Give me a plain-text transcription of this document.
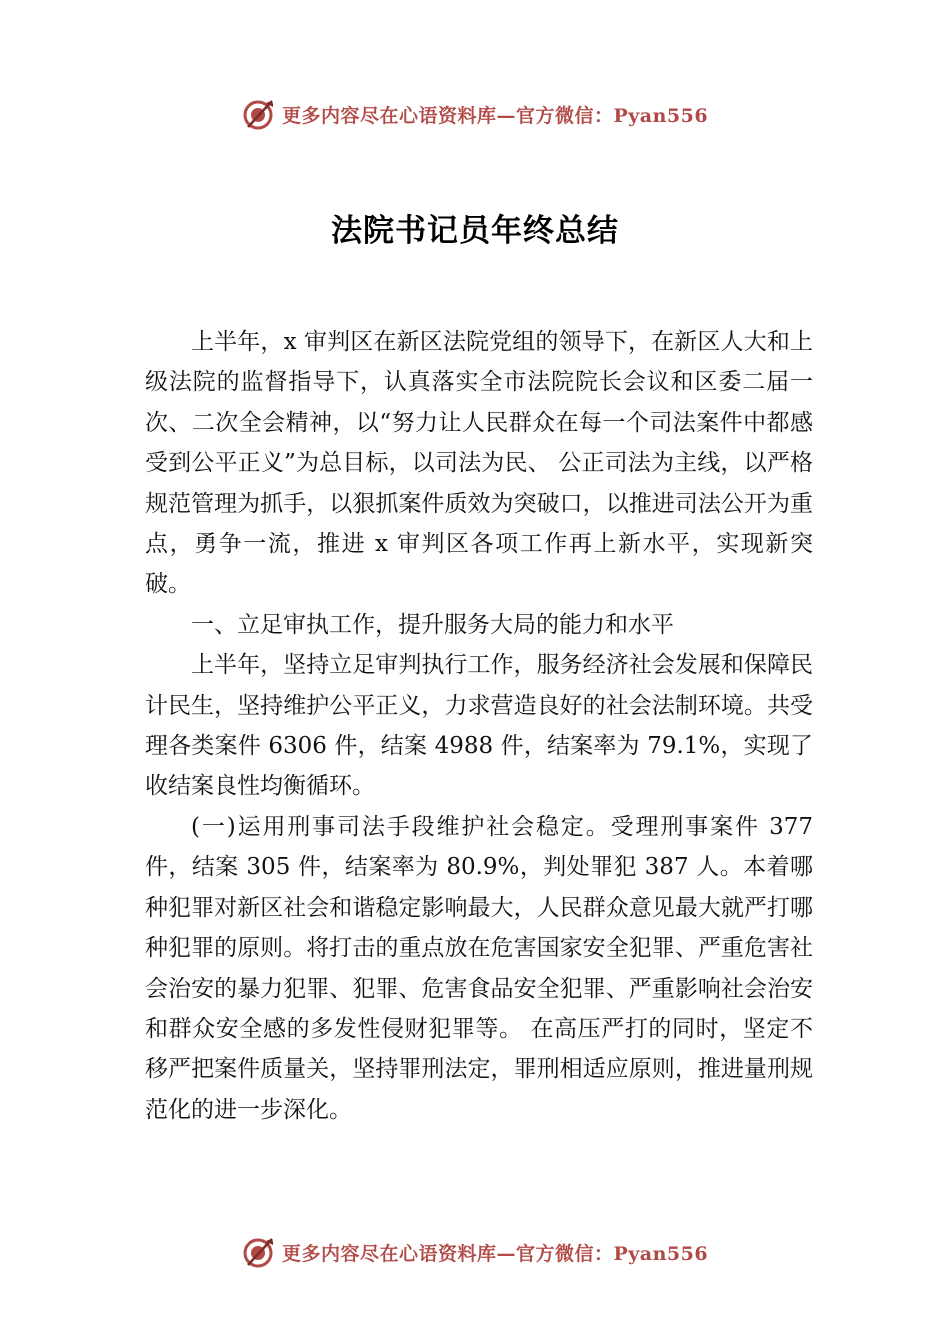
更多内容尽在心语资料库—官方微信：Pyan556
法院书记员年终总结

上半年，x 审判区在新区法院党组的领导下，在新区人大和上级法院的监督指导下，认真落实全市法院院长会议和区委二届一次、二次全会精神，以“努力让人民群众在每一个司法案件中都感受到公平正义”为总目标，以司法为民、 公正司法为主线，以严格规范管理为抓手，以狠抓案件质效为突破口，以推进司法公开为重点，勇争一流，推进 x 审判区各项工作再上新水平，实现新突破。

一、立足审执工作，提升服务大局的能力和水平

上半年，坚持立足审判执行工作，服务经济社会发展和保障民计民生，坚持维护公平正义，力求营造良好的社会法制环境。共受理各类案件 6306 件，结案 4988 件，结案率为 79.1%，实现了收结案良性均衡循环。

(一)运用刑事司法手段维护社会稳定。受理刑事案件 377 件，结案 305 件，结案率为 80.9%，判处罪犯 387 人。本着哪种犯罪对新区社会和谐稳定影响最大，人民群众意见最大就严打哪种犯罪的原则。将打击的重点放在危害国家安全犯罪、严重危害社会治安的暴力犯罪、犯罪、危害食品安全犯罪、严重影响社会治安和群众安全感的多发性侵财犯罪等。 在高压严打的同时，坚定不移严把案件质量关，坚持罪刑法定，罪刑相适应原则，推进量刑规范化的进一步深化。

更多内容尽在心语资料库—官方微信：Pyan556
